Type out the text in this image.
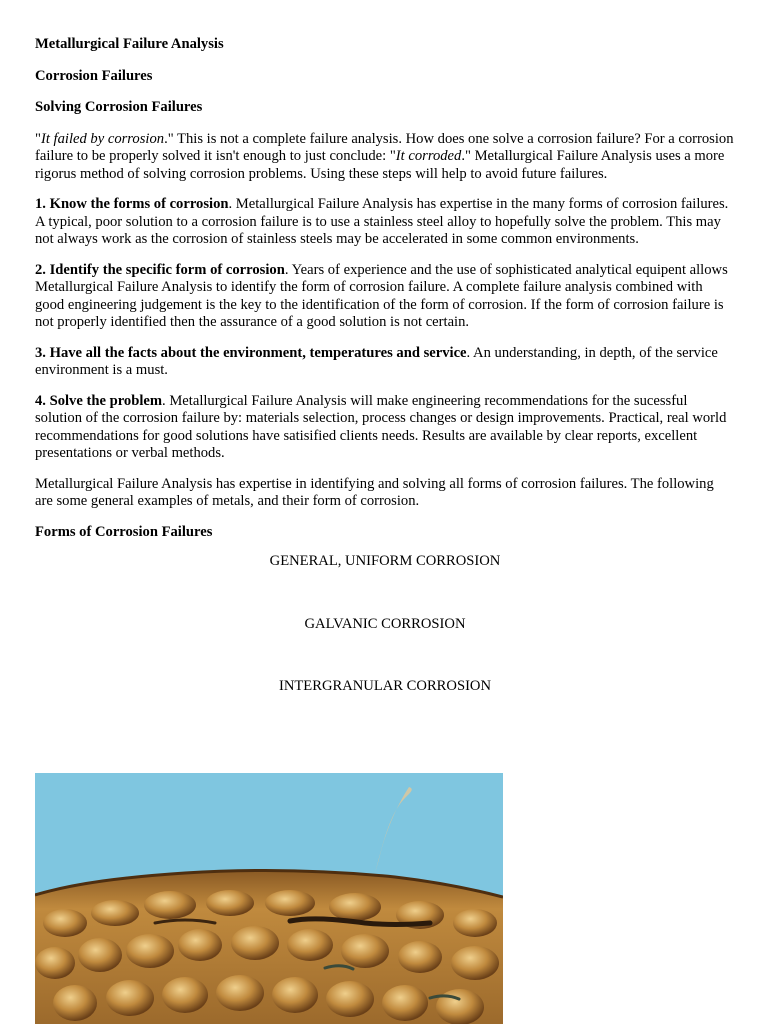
Metallurgical Failure Analysis
Corrosion Failures
Solving Corrosion Failures

"It failed by corrosion." This is not a complete failure analysis. How does one solve a corrosion failure? For a corrosion failure to be properly solved it isn't enough to just conclude: "It corroded." Metallurgical Failure Analysis uses a more rigorus method of solving corrosion problems. Using these steps will help to avoid future failures.

1. Know the forms of corrosion. Metallurgical Failure Analysis has expertise in the many forms of corrosion failures. A typical, poor solution to a corrosion failure is to use a stainless steel alloy to hopefully solve the problem. This may not always work as the corrosion of stainless steels may be accelerated in some common environments.

2. Identify the specific form of corrosion. Years of experience and the use of sophisticated analytical equipent allows Metallurgical Failure Analysis to identify the form of corrosion failure. A complete failure analysis combined with good engineering judgement is the key to the identification of the form of corrosion. If the form of corrosion failure is not properly identified then the assurance of a good solution is not certain.

3. Have all the facts about the environment, temperatures and service. An understanding, in depth, of the service environment is a must.

4. Solve the problem. Metallurgical Failure Analysis will make engineering recommendations for the sucessful solution of the corrosion failure by: materials selection, process changes or design improvements. Practical, real world recommendations for good solutions have satisified clients needs. Results are available by clear reports, excellent presentations or verbal methods.

Metallurgical Failure Analysis has expertise in identifying and solving all forms of corrosion failures. The following are some general examples of metals, and their form of corrosion.

Forms of Corrosion Failures
GENERAL, UNIFORM CORROSION
GALVANIC CORROSION
INTERGRANULAR CORROSION
